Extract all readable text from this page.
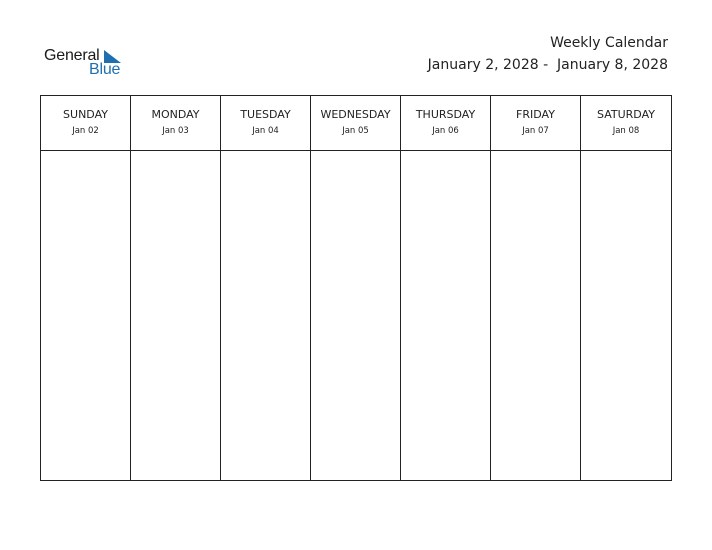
General
Blue
Weekly Calendar
January 2, 2028 -  January 8, 2028
SUNDAY
Jan 02
MONDAY
Jan 03
TUESDAY
Jan 04
WEDNESDAY
Jan 05
THURSDAY
Jan 06
FRIDAY
Jan 07
SATURDAY
Jan 08
